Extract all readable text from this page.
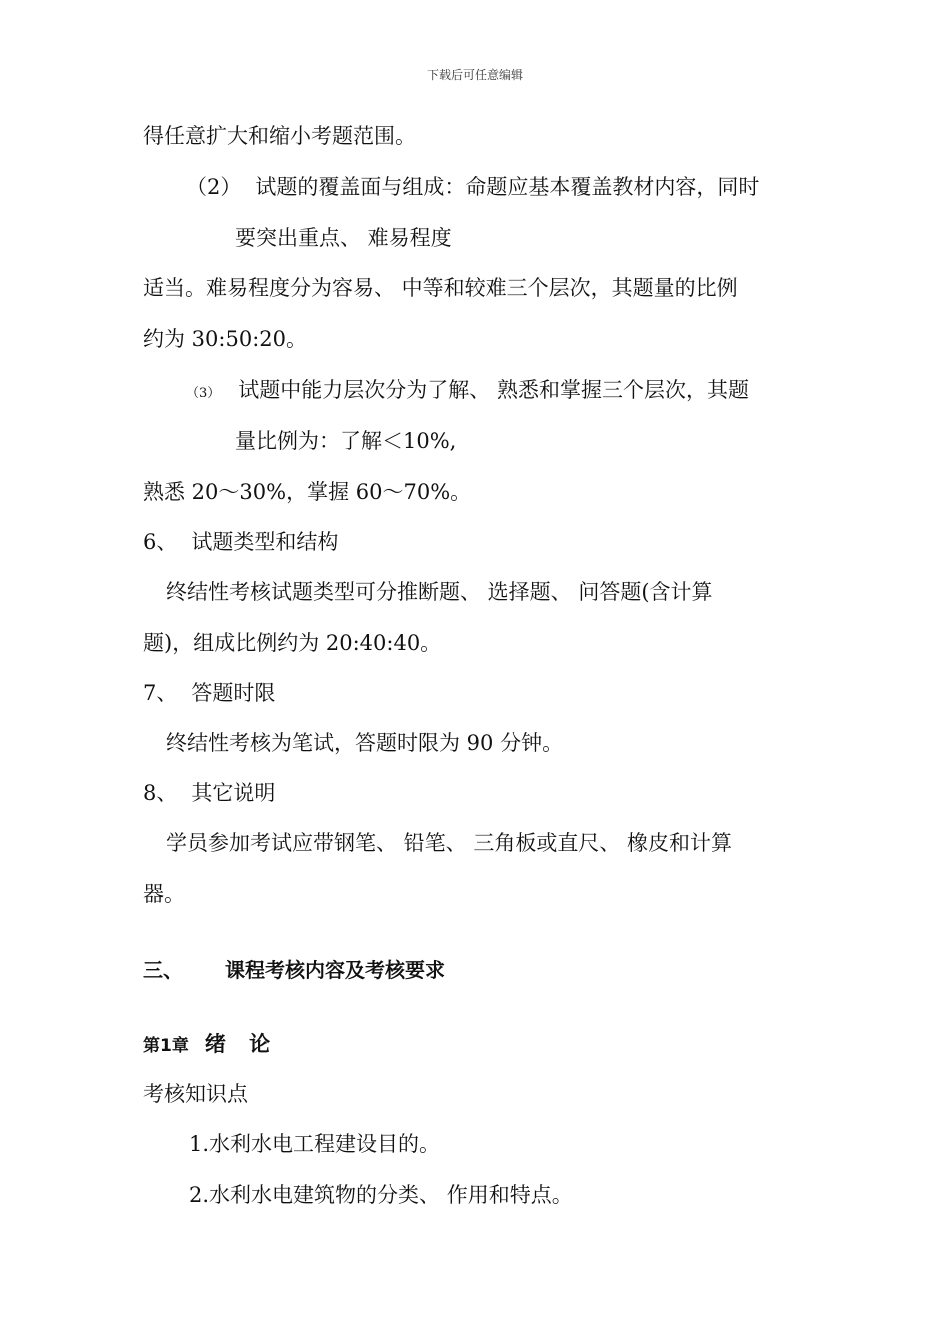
下载后可任意编辑
得任意扩大和缩小考题范围。
（2） 试题的覆盖面与组成：命题应基本覆盖教材内容，同时
要突出重点、 难易程度
适当。难易程度分为容易、 中等和较难三个层次，其题量的比例
约为 30:50:20。
（3） 试题中能力层次分为了解、 熟悉和掌握三个层次，其题
量比例为：了解＜10%,
熟悉 20～30%，掌握 60～70%。
6、 试题类型和结构
终结性考核试题类型可分推断题、 选择题、 问答题(含计算
题)，组成比例约为 20:40:40。
7、 答题时限
终结性考核为笔试，答题时限为 90 分钟。
8、 其它说明
学员参加考试应带钢笔、 铅笔、 三角板或直尺、 橡皮和计算
器。
三、 课程考核内容及考核要求
第1章 绪 论
考核知识点
1.水利水电工程建设目的。
2.水利水电建筑物的分类、 作用和特点。
